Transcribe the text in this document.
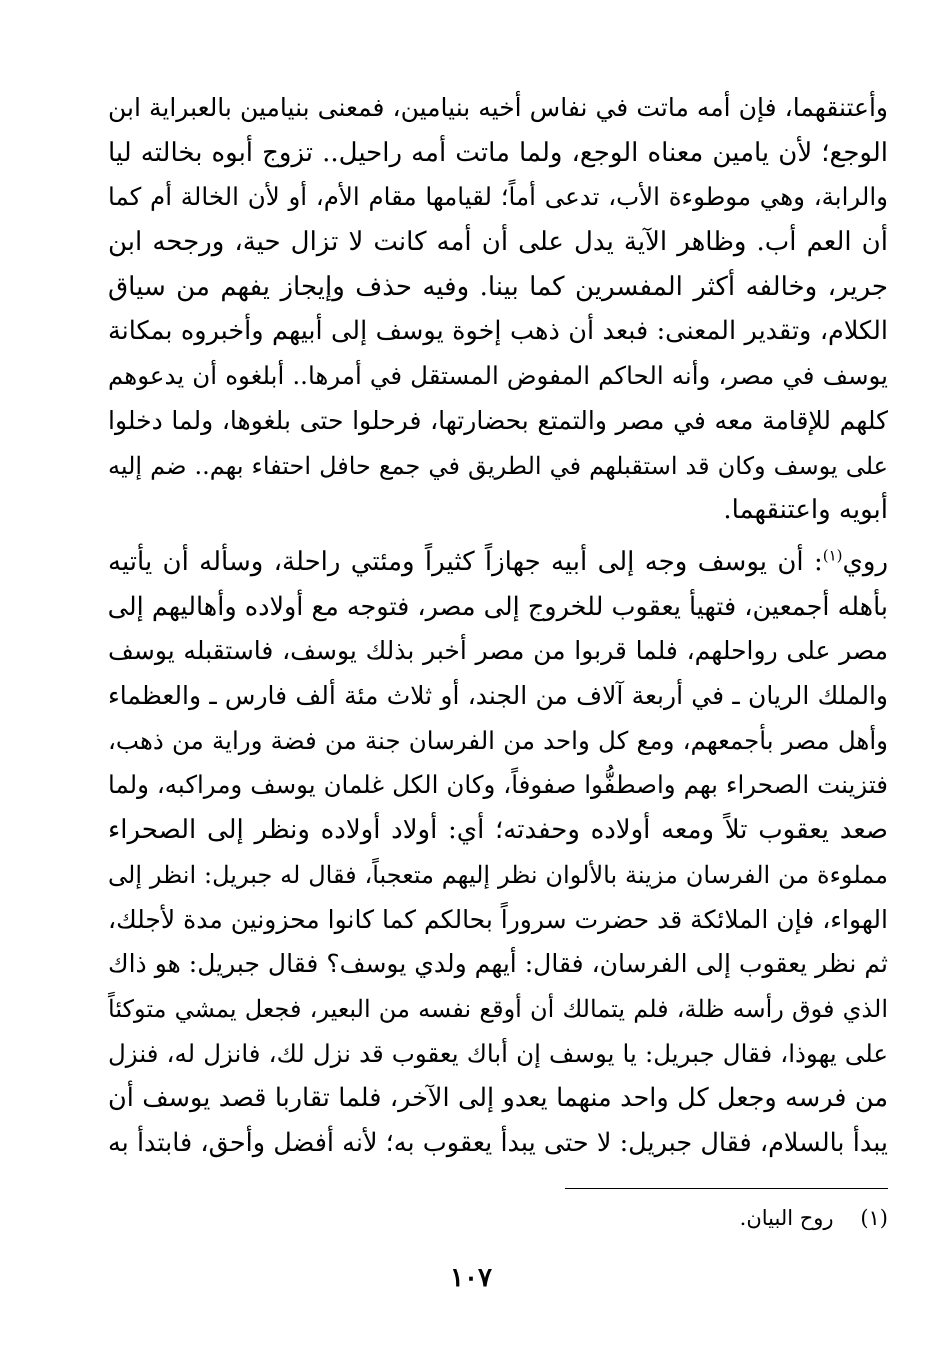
وأعتنقهما، فإن أمه ماتت في نفاس أخيه بنيامين، فمعنى بنيامين بالعبراية ابن
الوجع؛ لأن يامين معناه الوجع، ولما ماتت أمه راحيل.. تزوج أبوه بخالته ليا
والرابة، وهي موطوءة الأب، تدعى أماً؛ لقيامها مقام الأم، أو لأن الخالة أم كما
أن العم أب. وظاهر الآية يدل على أن أمه كانت لا تزال حية، ورجحه ابن
جرير، وخالفه أكثر المفسرين كما بينا. وفيه حذف وإيجاز يفهم من سياق
الكلام، وتقدير المعنى: فبعد أن ذهب إخوة يوسف إلى أبيهم وأخبروه بمكانة
يوسف في مصر، وأنه الحاكم المفوض المستقل في أمرها.. أبلغوه أن يدعوهم
كلهم للإقامة معه في مصر والتمتع بحضارتها، فرحلوا حتى بلغوها، ولما دخلوا
على يوسف وكان قد استقبلهم في الطريق في جمع حافل احتفاء بهم.. ضم إليه
أبويه واعتنقهما.
روي$^{(١)}$: أن يوسف وجه إلى أبيه جهازاً كثيراً ومئتي راحلة، وسأله أن يأتيه
بأهله أجمعين، فتهيأ يعقوب للخروج إلى مصر، فتوجه مع أولاده وأهاليهم إلى
مصر على رواحلهم، فلما قربوا من مصر أخبر بذلك يوسف، فاستقبله يوسف
والملك الريان ـ في أربعة آلاف من الجند، أو ثلاث مئة ألف فارس ـ والعظماء
وأهل مصر بأجمعهم، ومع كل واحد من الفرسان جنة من فضة وراية من ذهب،
فتزينت الصحراء بهم واصطفُّوا صفوفاً، وكان الكل غلمان يوسف ومراكبه، ولما
صعد يعقوب تلاً ومعه أولاده وحفدته؛ أي: أولاد أولاده ونظر إلى الصحراء
مملوءة من الفرسان مزينة بالألوان نظر إليهم متعجباً، فقال له جبريل: انظر إلى
الهواء، فإن الملائكة قد حضرت سروراً بحالكم كما كانوا محزونين مدة لأجلك،
ثم نظر يعقوب إلى الفرسان، فقال: أيهم ولدي يوسف؟ فقال جبريل: هو ذاك
الذي فوق رأسه ظلة، فلم يتمالك أن أوقع نفسه من البعير، فجعل يمشي متوكئاً
على يهوذا، فقال جبريل: يا يوسف إن أباك يعقوب قد نزل لك، فانزل له، فنزل
من فرسه وجعل كل واحد منهما يعدو إلى الآخر، فلما تقاربا قصد يوسف أن
يبدأ بالسلام، فقال جبريل: لا حتى يبدأ يعقوب به؛ لأنه أفضل وأحق، فابتدأ به
(١)    روح البيان.
١٠٧
